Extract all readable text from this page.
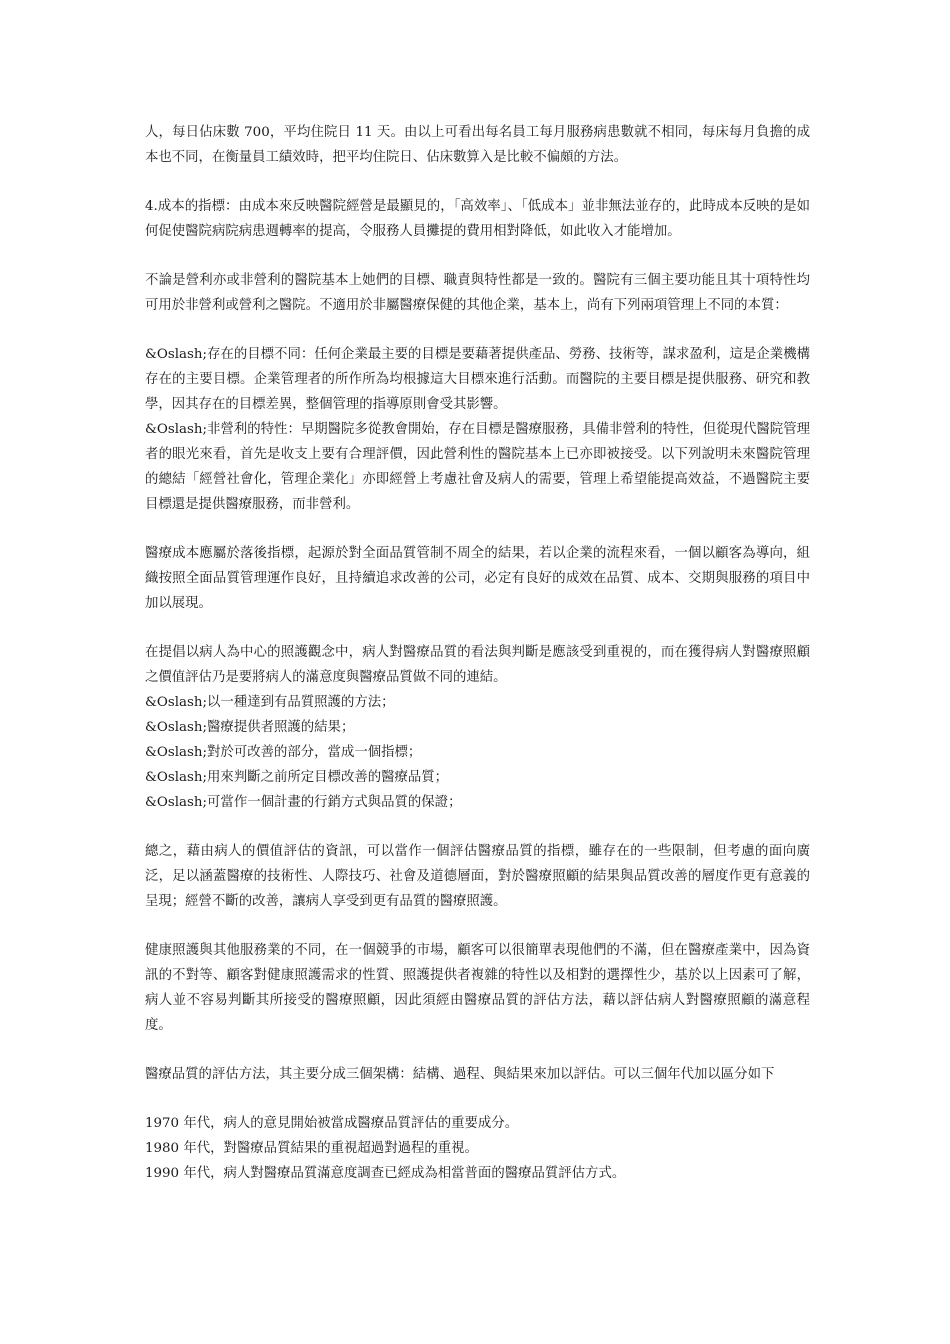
人，每日佔床數 700，平均住院日 11 天。由以上可看出每名員工每月服務病患數就不相同，每床每月負擔的成本也不同，在衡量員工績效時，把平均住院日、佔床數算入是比較不偏頗的方法。

4.成本的指標：由成本來反映醫院經營是最顯見的，「高效率」、「低成本」並非無法並存的，此時成本反映的是如何促使醫院病院病患週轉率的提高，令服務人員攤提的費用相對降低，如此收入才能增加。

不論是營利亦或非營利的醫院基本上她們的目標、職責與特性都是一致的。醫院有三個主要功能且其十項特性均可用於非營利或營利之醫院。不適用於非屬醫療保健的其他企業，基本上，尚有下列兩項管理上不同的本質：

&Oslash;存在的目標不同：任何企業最主要的目標是要藉著提供產品、勞務、技術等，謀求盈利，這是企業機構存在的主要目標。企業管理者的所作所為均根據這大目標來進行活動。而醫院的主要目標是提供服務、研究和教學，因其存在的目標差異，整個管理的指導原則會受其影響。
&Oslash;非營利的特性：早期醫院多從教會開始，存在目標是醫療服務，具備非營利的特性，但從現代醫院管理者的眼光來看，首先是收支上要有合理評價，因此營利性的醫院基本上已亦即被接受。以下列說明未來醫院管理的總結「經營社會化，管理企業化」亦即經營上考慮社會及病人的需要，管理上希望能提高效益，不過醫院主要目標還是提供醫療服務，而非營利。

醫療成本應屬於落後指標，起源於對全面品質管制不周全的結果，若以企業的流程來看，一個以顧客為導向，組織按照全面品質管理運作良好，且持續追求改善的公司，必定有良好的成效在品質、成本、交期與服務的項目中加以展現。

在提倡以病人為中心的照護觀念中，病人對醫療品質的看法與判斷是應該受到重視的，而在獲得病人對醫療照顧之價值評估乃是要將病人的滿意度與醫療品質做不同的連結。
&Oslash;以一種達到有品質照護的方法；
&Oslash;醫療提供者照護的結果；
&Oslash;對於可改善的部分，當成一個指標；
&Oslash;用來判斷之前所定目標改善的醫療品質；
&Oslash;可當作一個計畫的行銷方式與品質的保證；

總之，藉由病人的價值評估的資訊，可以當作一個評估醫療品質的指標，雖存在的一些限制，但考慮的面向廣泛，足以涵蓋醫療的技術性、人際技巧、社會及道德層面，對於醫療照顧的結果與品質改善的層度作更有意義的呈現；經營不斷的改善，讓病人享受到更有品質的醫療照護。

健康照護與其他服務業的不同，在一個競爭的市場，顧客可以很簡單表現他們的不滿，但在醫療產業中，因為資訊的不對等、顧客對健康照護需求的性質、照護提供者複雜的特性以及相對的選擇性少，基於以上因素可了解，病人並不容易判斷其所接受的醫療照顧，因此須經由醫療品質的評估方法，藉以評估病人對醫療照顧的滿意程度。

醫療品質的評估方法，其主要分成三個架構：結構、過程、與結果來加以評估。可以三個年代加以區分如下

1970 年代，病人的意見開始被當成醫療品質評估的重要成分。
1980 年代，對醫療品質結果的重視超過對過程的重視。
1990 年代，病人對醫療品質滿意度調查已經成為相當普面的醫療品質評估方式。
